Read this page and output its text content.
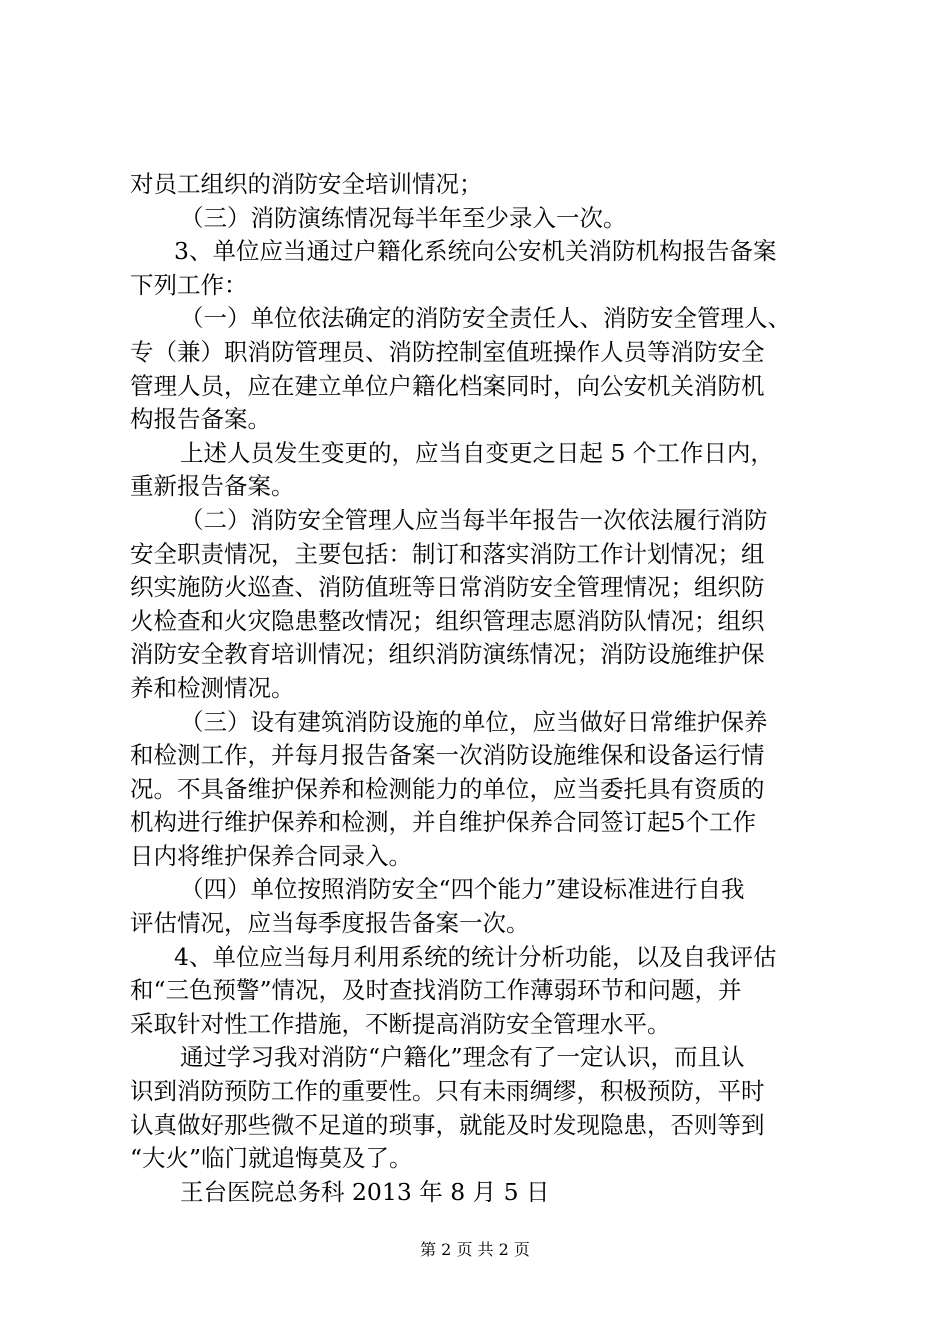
对员工组织的消防安全培训情况；

（三）消防演练情况每半年至少录入一次。

3、单位应当通过户籍化系统向公安机关消防机构报告备案

下列工作：

（一）单位依法确定的消防安全责任人、消防安全管理人、

专（兼）职消防管理员、消防控制室值班操作人员等消防安全

管理人员，应在建立单位户籍化档案同时，向公安机关消防机

构报告备案。

上述人员发生变更的，应当自变更之日起 5 个工作日内，

重新报告备案。

（二）消防安全管理人应当每半年报告一次依法履行消防

安全职责情况，主要包括：制订和落实消防工作计划情况；组

织实施防火巡查、消防值班等日常消防安全管理情况；组织防

火检查和火灾隐患整改情况；组织管理志愿消防队情况；组织

消防安全教育培训情况；组织消防演练情况；消防设施维护保

养和检测情况。

（三）设有建筑消防设施的单位，应当做好日常维护保养

和检测工作，并每月报告备案一次消防设施维保和设备运行情

况。不具备维护保养和检测能力的单位，应当委托具有资质的

机构进行维护保养和检测，并自维护保养合同签订起5个工作

日内将维护保养合同录入。

（四）单位按照消防安全“四个能力”建设标准进行自我

评估情况，应当每季度报告备案一次。

4、单位应当每月利用系统的统计分析功能，以及自我评估

和“三色预警”情况，及时查找消防工作薄弱环节和问题，并

采取针对性工作措施，不断提高消防安全管理水平。

通过学习我对消防“户籍化”理念有了一定认识，而且认

识到消防预防工作的重要性。只有未雨绸缪，积极预防，平时

认真做好那些微不足道的琐事，就能及时发现隐患，否则等到

“大火”临门就追悔莫及了。

王台医院总务科 2013 年 8 月 5 日

第 2 页 共 2 页
